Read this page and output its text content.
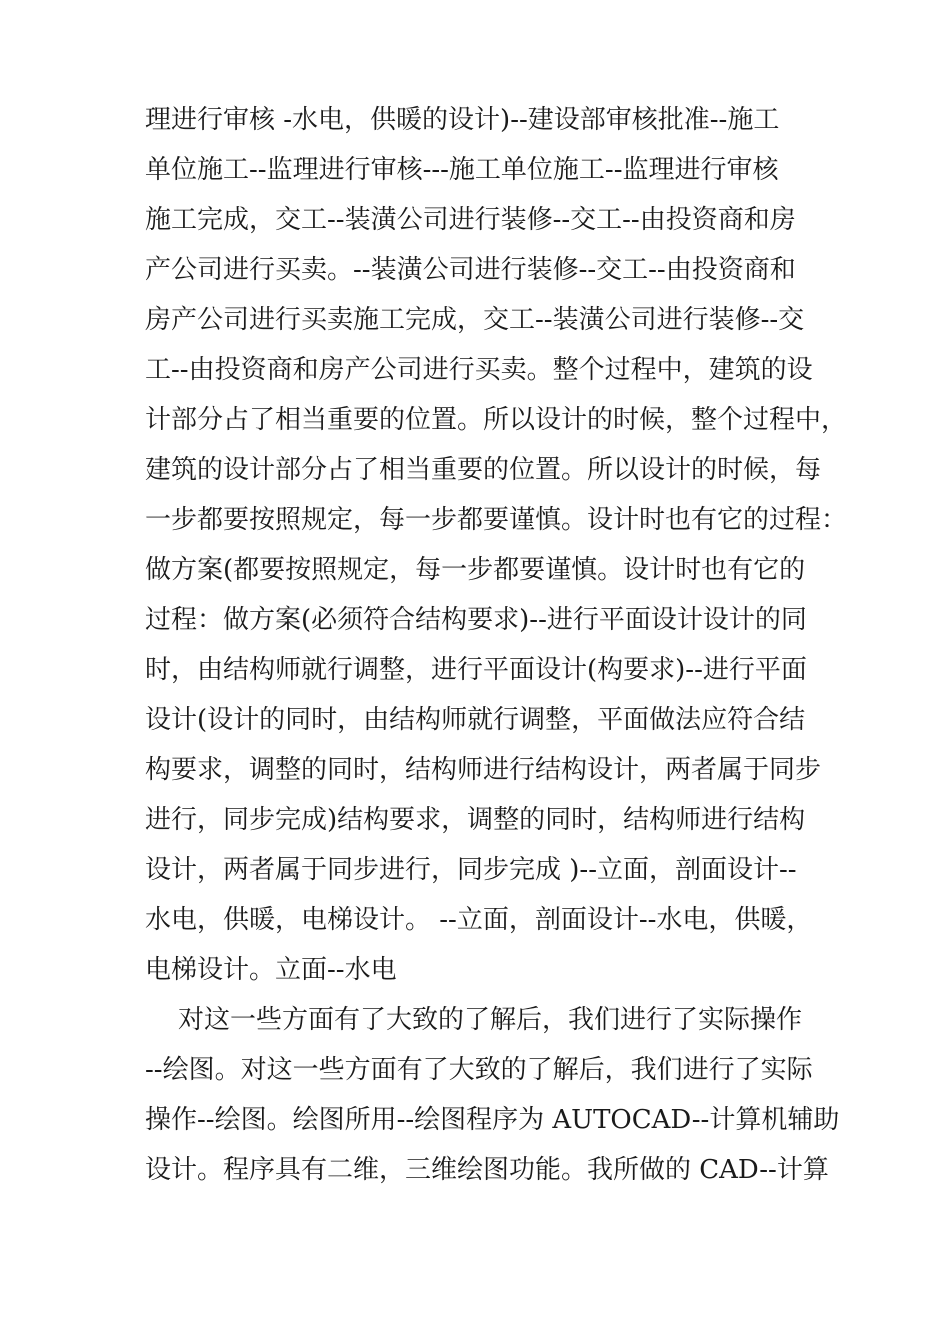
理进行审核 -水电，供暖的设计)--建设部审核批准--施工
单位施工--监理进行审核---施工单位施工--监理进行审核
施工完成，交工--装潢公司进行装修--交工--由投资商和房
产公司进行买卖。--装潢公司进行装修--交工--由投资商和
房产公司进行买卖施工完成，交工--装潢公司进行装修--交
工--由投资商和房产公司进行买卖。整个过程中，建筑的设
计部分占了相当重要的位置。所以设计的时候，整个过程中，
建筑的设计部分占了相当重要的位置。所以设计的时候，每
一步都要按照规定，每一步都要谨慎。设计时也有它的过程：
做方案(都要按照规定，每一步都要谨慎。设计时也有它的
过程：做方案(必须符合结构要求)--进行平面设计设计的同
时，由结构师就行调整，进行平面设计(构要求)--进行平面
设计(设计的同时，由结构师就行调整，平面做法应符合结
构要求，调整的同时，结构师进行结构设计，两者属于同步
进行，同步完成)结构要求，调整的同时，结构师进行结构
设计，两者属于同步进行，同步完成 )--立面，剖面设计--
水电，供暖，电梯设计。 --立面，剖面设计--水电，供暖，
电梯设计。立面--水电
对这一些方面有了大致的了解后，我们进行了实际操作
--绘图。对这一些方面有了大致的了解后，我们进行了实际
操作--绘图。绘图所用--绘图程序为 AUTOCAD--计算机辅助
设计。程序具有二维，三维绘图功能。我所做的 CAD--计算
